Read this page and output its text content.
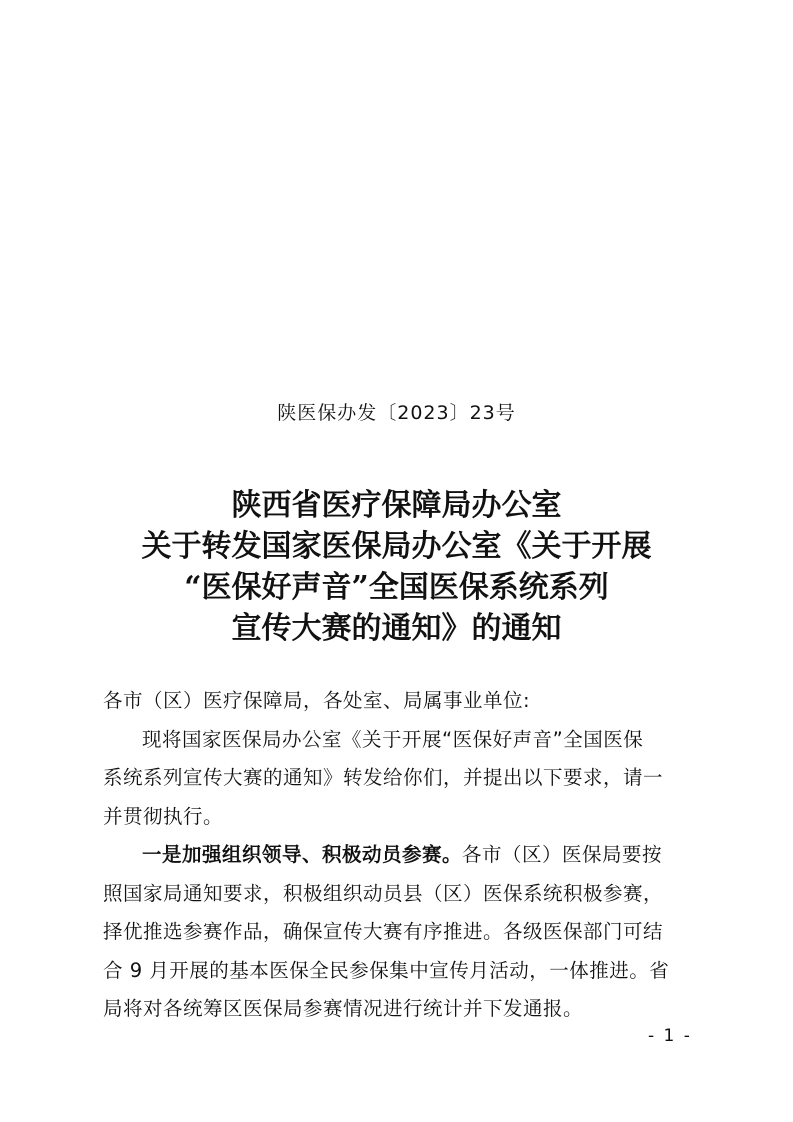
陕医保办发〔2023〕23号
陕西省医疗保障局办公室
关于转发国家医保局办公室《关于开展
“医保好声音”全国医保系统系列
宣传大赛的通知》的通知

各市（区）医疗保障局，各处室、局属事业单位:

现将国家医保局办公室《关于开展“医保好声音”全国医保
系统系列宣传大赛的通知》转发给你们，并提出以下要求，请一
并贯彻执行。

一是加强组织领导、积极动员参赛。各市（区）医保局要按
照国家局通知要求，积极组织动员县（区）医保系统积极参赛，
择优推选参赛作品，确保宣传大赛有序推进。各级医保部门可结
合 9 月开展的基本医保全民参保集中宣传月活动，一体推进。省
局将对各统筹区医保局参赛情况进行统计并下发通报。

- 1 -
